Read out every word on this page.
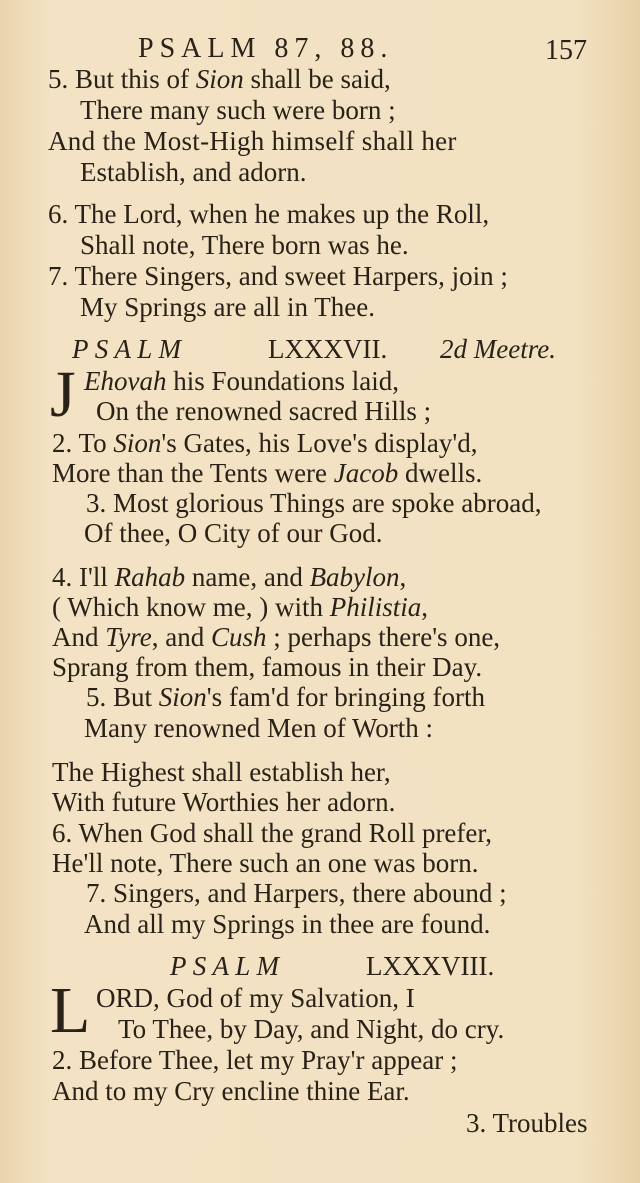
PSALM 87, 88.	157
5. But this of Sion shall be said,
There many such were born ;
And the Most-High himself shall her
Establish, and adorn.
6. The Lord, when he makes up the Roll,
Shall note, There born was he.
7. There Singers, and sweet Harpers, join ;
My Springs are all in Thee.
P S A L M	LXXXVII. 2d Meetre.
J Ehovah his Foundations laid,
On the renowned sacred Hills ;
2. To Sion's Gates, his Love's display'd,
More than the Tents were Jacob dwells.
3. Most glorious Things are spoke abroad,
Of thee, O City of our God.
4. I'll Rahab name, and Babylon,
( Which know me, ) with Philistia,
And Tyre, and Cush ; perhaps there's one,
Sprang from them, famous in their Day.
5. But Sion's fam'd for bringing forth
Many renowned Men of Worth :
The Highest shall establish her,
With future Worthies her adorn.
6. When God shall the grand Roll prefer,
He'll note, There such an one was born.
7. Singers, and Harpers, there abound ;
And all my Springs in thee are found.
P S A L M	LXXXVIII.
L ORD, God of my Salvation, I
To Thee, by Day, and Night, do cry.
2. Before Thee, let my Pray'r appear ;
And to my Cry encline thine Ear.
3. Troubles
